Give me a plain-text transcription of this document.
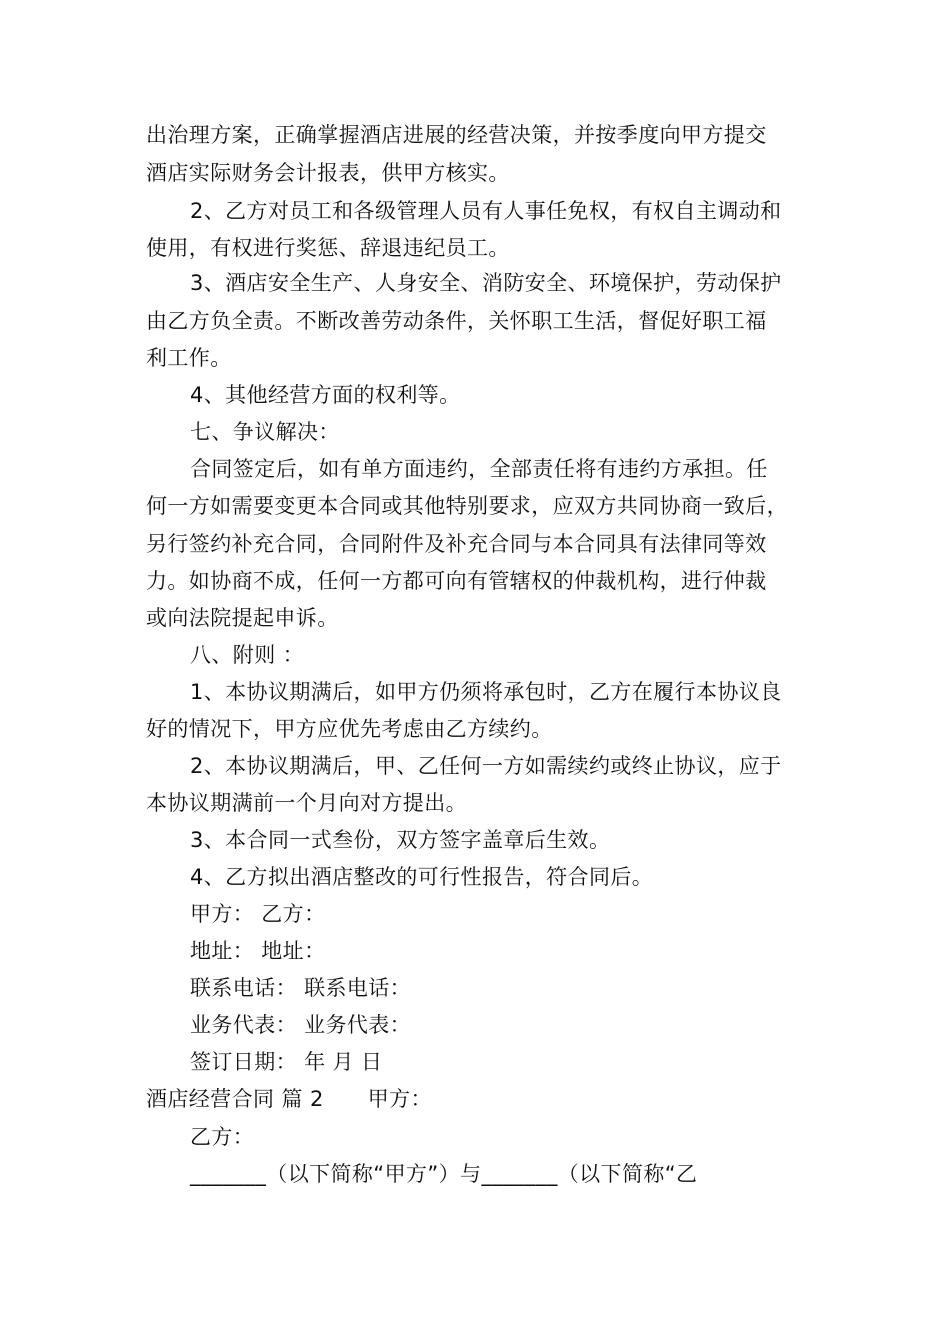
出治理方案，正确掌握酒店进展的经营决策，并按季度向甲方提交
酒店实际财务会计报表，供甲方核实。
2、乙方对员工和各级管理人员有人事任免权，有权自主调动和
使用，有权进行奖惩、辞退违纪员工。
3、酒店安全生产、人身安全、消防安全、环境保护，劳动保护
由乙方负全责。不断改善劳动条件，关怀职工生活，督促好职工福
利工作。
4、其他经营方面的权利等。
七、争议解决：
合同签定后，如有单方面违约，全部责任将有违约方承担。任
何一方如需要变更本合同或其他特别要求，应双方共同协商一致后，
另行签约补充合同，合同附件及补充合同与本合同具有法律同等效
力。如协商不成，任何一方都可向有管辖权的仲裁机构，进行仲裁
或向法院提起申诉。
八、附则 ：
1、本协议期满后，如甲方仍须将承包时，乙方在履行本协议良
好的情况下，甲方应优先考虑由乙方续约。
2、本协议期满后，甲、乙任何一方如需续约或终止协议，应于
本协议期满前一个月向对方提出。
3、本合同一式叁份，双方签字盖章后生效。
4、乙方拟出酒店整改的可行性报告，符合同后。
甲方： 乙方：
地址： 地址：
联系电话： 联系电话：
业务代表： 业务代表：
签订日期： 年 月 日
酒店经营合同 篇 2 甲方：
乙方：
_______（以下简称“甲方”）与_______（以下简称“乙
